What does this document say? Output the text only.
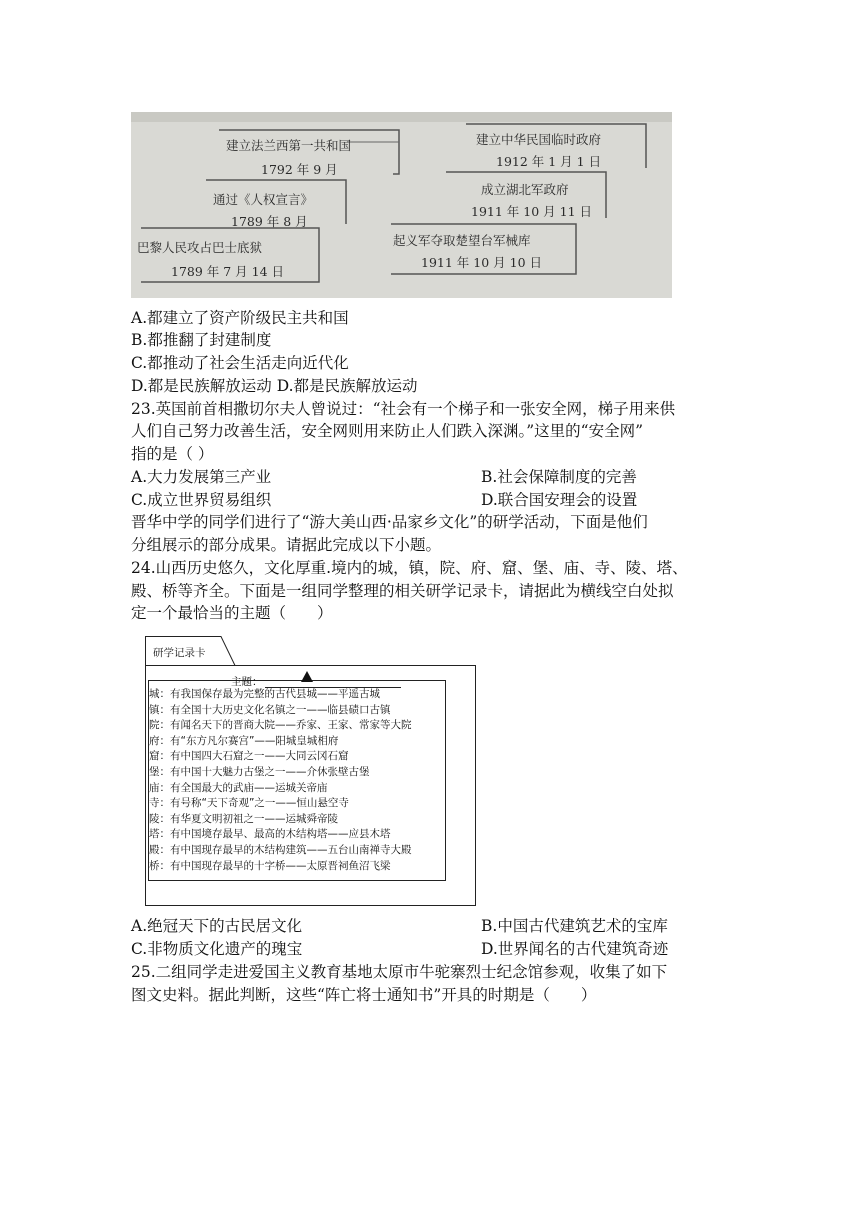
建立法兰西第一共和国
1792 年 9 月
通过《人权宣言》
1789 年 8 月
巴黎人民攻占巴士底狱
1789 年 7 月 14 日
建立中华民国临时政府
1912 年 1 月 1 日
成立湖北军政府
1911 年 10 月 11 日
起义军夺取楚望台军械库
1911 年 10 月 10 日
A.都建立了资产阶级民主共和国
B.都推翻了封建制度
C.都推动了社会生活走向近代化
D.都是民族解放运动 D.都是民族解放运动
23.英国前首相撒切尔夫人曾说过：“社会有一个梯子和一张安全网，梯子用来供
人们自己努力改善生活，安全网则用来防止人们跌入深渊。”这里的“安全网”
指的是（ ）
A.大力发展第三产业	B.社会保障制度的完善
C.成立世界贸易组织	D.联合国安理会的设置
晋华中学的同学们进行了“游大美山西·品家乡文化”的研学活动，下面是他们
分组展示的部分成果。请据此完成以下小题。
24.山西历史悠久，文化厚重.境内的城，镇，院、府、窟、堡、庙、寺、陵、塔、
殿、桥等齐全。下面是一组同学整理的相关研学记录卡，请据此为横线空白处拟
定一个最恰当的主题（　　）
研学记录卡
主题：
城：有我国保存最为完整的古代县城——平遥古城
镇：有全国十大历史文化名镇之一——临县碛口古镇
院：有闻名天下的晋商大院——乔家、王家、常家等大院
府：有“东方凡尔赛宫”——阳城皇城相府
窟：有中国四大石窟之一——大同云冈石窟
堡：有中国十大魅力古堡之一——介休张壁古堡
庙：有全国最大的武庙——运城关帝庙
寺：有号称“天下奇观”之一——恒山悬空寺
陵：有华夏文明初祖之一——运城舜帝陵
塔：有中国境存最早、最高的木结构塔——应县木塔
殿：有中国现存最早的木结构建筑——五台山南禅寺大殿
桥：有中国现存最早的十字桥——太原晋祠鱼沼飞梁
A.绝冠天下的古民居文化	B.中国古代建筑艺术的宝库
C.非物质文化遗产的瑰宝	D.世界闻名的古代建筑奇迹
25.二组同学走进爱国主义教育基地太原市牛驼寨烈士纪念馆参观，收集了如下
图文史料。据此判断，这些“阵亡将士通知书”开具的时期是（　　）
